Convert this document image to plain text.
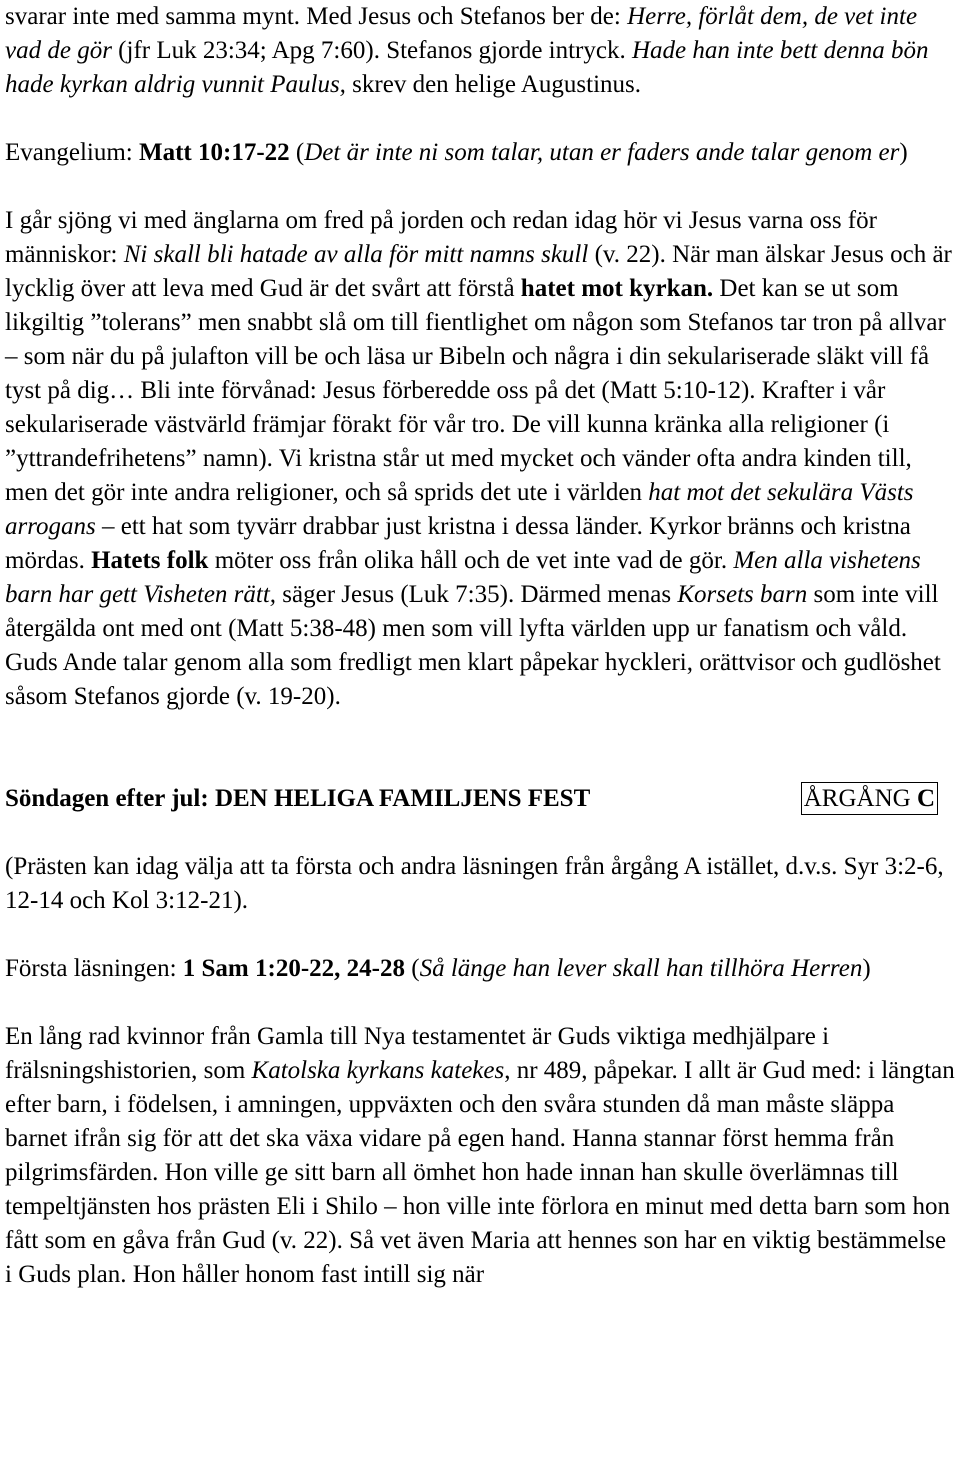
svarar inte med samma mynt. Med Jesus och Stefanos ber de: Herre, förlåt dem, de vet inte vad de gör (jfr Luk 23:34; Apg 7:60). Stefanos gjorde intryck. Hade han inte bett denna bön hade kyrkan aldrig vunnit Paulus, skrev den helige Augustinus.

Evangelium: Matt 10:17-22 (Det är inte ni som talar, utan er faders ande talar genom er)

I går sjöng vi med änglarna om fred på jorden och redan idag hör vi Jesus varna oss för människor: Ni skall bli hatade av alla för mitt namns skull (v. 22). När man älskar Jesus och är lycklig över att leva med Gud är det svårt att förstå hatet mot kyrkan. Det kan se ut som likgiltig ”tolerans” men snabbt slå om till fientlighet om någon som Stefanos tar tron på allvar – som när du på julafton vill be och läsa ur Bibeln och några i din sekulariserade släkt vill få tyst på dig… Bli inte förvånad: Jesus förberedde oss på det (Matt 5:10-12). Krafter i vår sekulariserade västvärld främjar förakt för vår tro. De vill kunna kränka alla religioner (i ”yttrandefrihetens” namn). Vi kristna står ut med mycket och vänder ofta andra kinden till, men det gör inte andra religioner, och så sprids det ute i världen hat mot det sekulära Västs arrogans – ett hat som tyvärr drabbar just kristna i dessa länder. Kyrkor bränns och kristna mördas. Hatets folk möter oss från olika håll och de vet inte vad de gör. Men alla vishetens barn har gett Visheten rätt, säger Jesus (Luk 7:35). Därmed menas Korsets barn som inte vill återgälda ont med ont (Matt 5:38-48) men som vill lyfta världen upp ur fanatism och våld. Guds Ande talar genom alla som fredligt men klart påpekar hyckleri, orättvisor och gudlöshet såsom Stefanos gjorde (v. 19-20).

Söndagen efter jul: DEN HELIGA FAMILJENS FEST	ÅRGÅNG C

(Prästen kan idag välja att ta första och andra läsningen från årgång A istället, d.v.s. Syr 3:2-6, 12-14 och Kol 3:12-21).

Första läsningen: 1 Sam 1:20-22, 24-28 (Så länge han lever skall han tillhöra Herren)

En lång rad kvinnor från Gamla till Nya testamentet är Guds viktiga medhjälpare i frälsningshistorien, som Katolska kyrkans katekes, nr 489, påpekar. I allt är Gud med: i längtan efter barn, i födelsen, i amningen, uppväxten och den svåra stunden då man måste släppa barnet ifrån sig för att det ska växa vidare på egen hand. Hanna stannar först hemma från pilgrimsfärden. Hon ville ge sitt barn all ömhet hon hade innan han skulle överlämnas till tempeltjänsten hos prästen Eli i Shilo – hon ville inte förlora en minut med detta barn som hon fått som en gåva från Gud (v. 22). Så vet även Maria att hennes son har en viktig bestämmelse i Guds plan. Hon håller honom fast intill sig när
